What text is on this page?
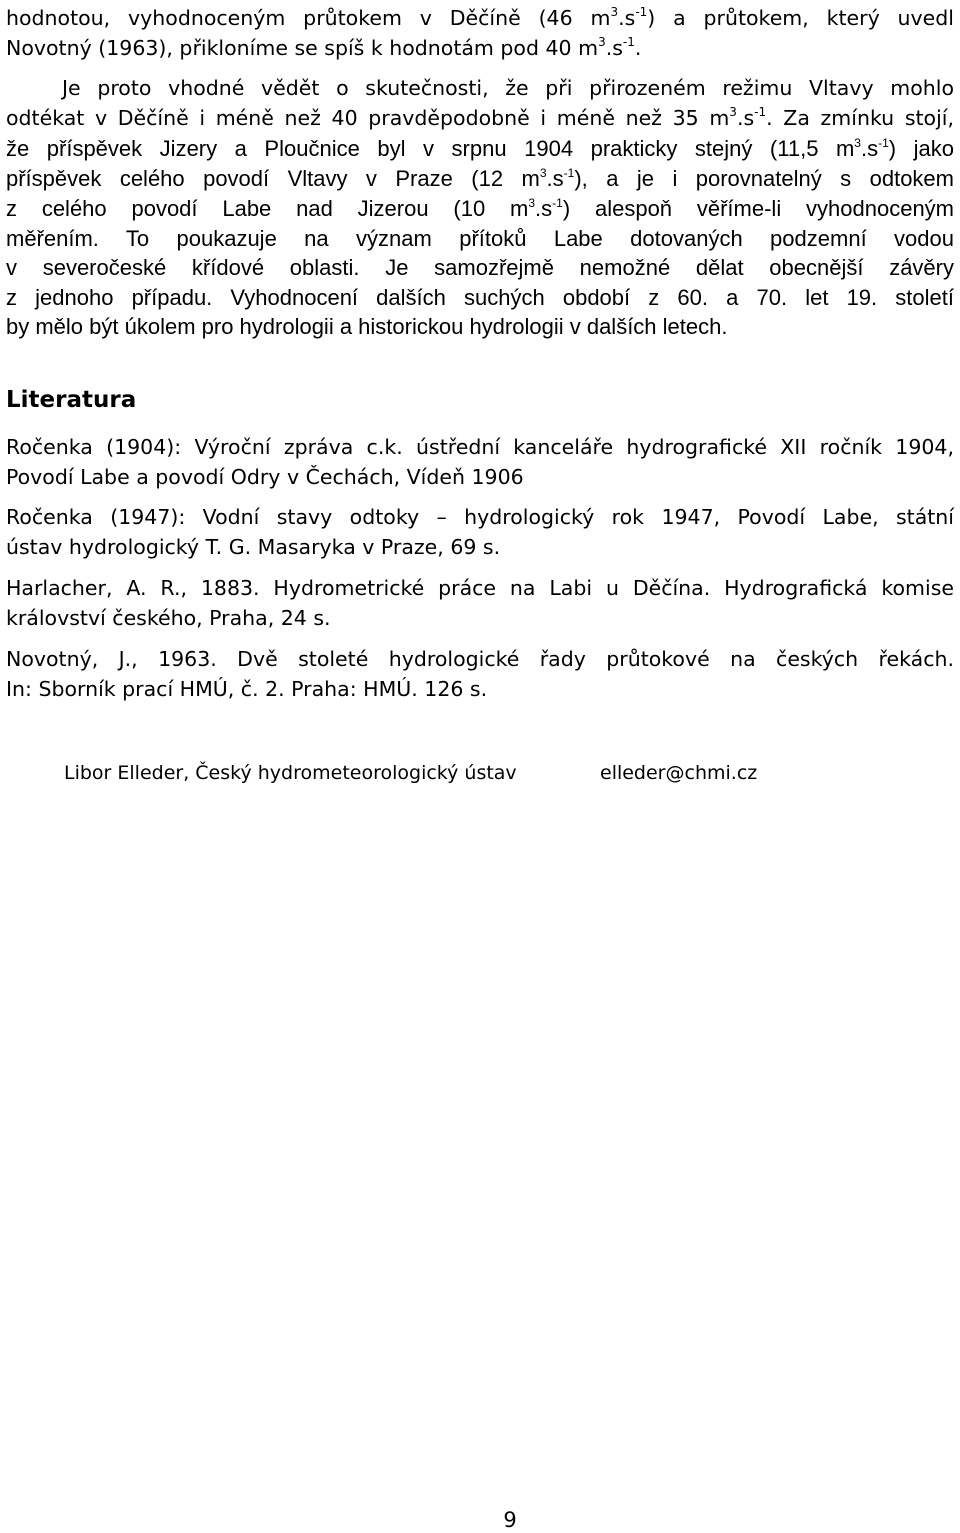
hodnotou, vyhodnoceným průtokem v Děčíně (46 $m^3.s^{-1}$) a průtokem, který uvedl
Novotný (1963), přikloníme se spíš k hodnotám pod 40 $m^3.s^{-1}$.
Je proto vhodné vědět o skutečnosti, že při přirozeném režimu Vltavy mohlo
odtékat v Děčíně i méně než 40 pravděpodobně i méně než 35 $m^3.s^{-1}$. Za zmínku stojí,
že příspěvek Jizery a Ploučnice byl v srpnu 1904 prakticky stejný (11,5 $m^3.s^{-1}$) jako
příspěvek celého povodí Vltavy v Praze (12 $m^3.s^{-1}$), a je i porovnatelný s odtokem
z celého povodí Labe nad Jizerou (10 $m^3.s^{-1}$) alespoň věříme-li vyhodnoceným
měřením. To poukazuje na význam přítoků Labe dotovaných podzemní vodou
v severočeské křídové oblasti. Je samozřejmě nemožné dělat obecnější závěry
z jednoho případu. Vyhodnocení dalších suchých období z 60. a 70. let 19. století
by mělo být úkolem pro hydrologii a historickou hydrologii v dalších letech.
Literatura
Ročenka (1904): Výroční zpráva c.k. ústřední kanceláře hydrografické XII ročník 1904,
Povodí Labe a povodí Odry v Čechách, Vídeň 1906
Ročenka (1947): Vodní stavy odtoky – hydrologický rok 1947, Povodí Labe, státní
ústav hydrologický T. G. Masaryka v Praze, 69 s.
Harlacher, A. R., 1883. Hydrometrické práce na Labi u Děčína. Hydrografická komise
království českého, Praha, 24 s.
Novotný, J., 1963. Dvě stoleté hydrologické řady průtokové na českých řekách.
In: Sborník prací HMÚ, č. 2. Praha: HMÚ. 126 s.
Libor Elleder, Český hydrometeorologický ústav	elleder@chmi.cz
9
